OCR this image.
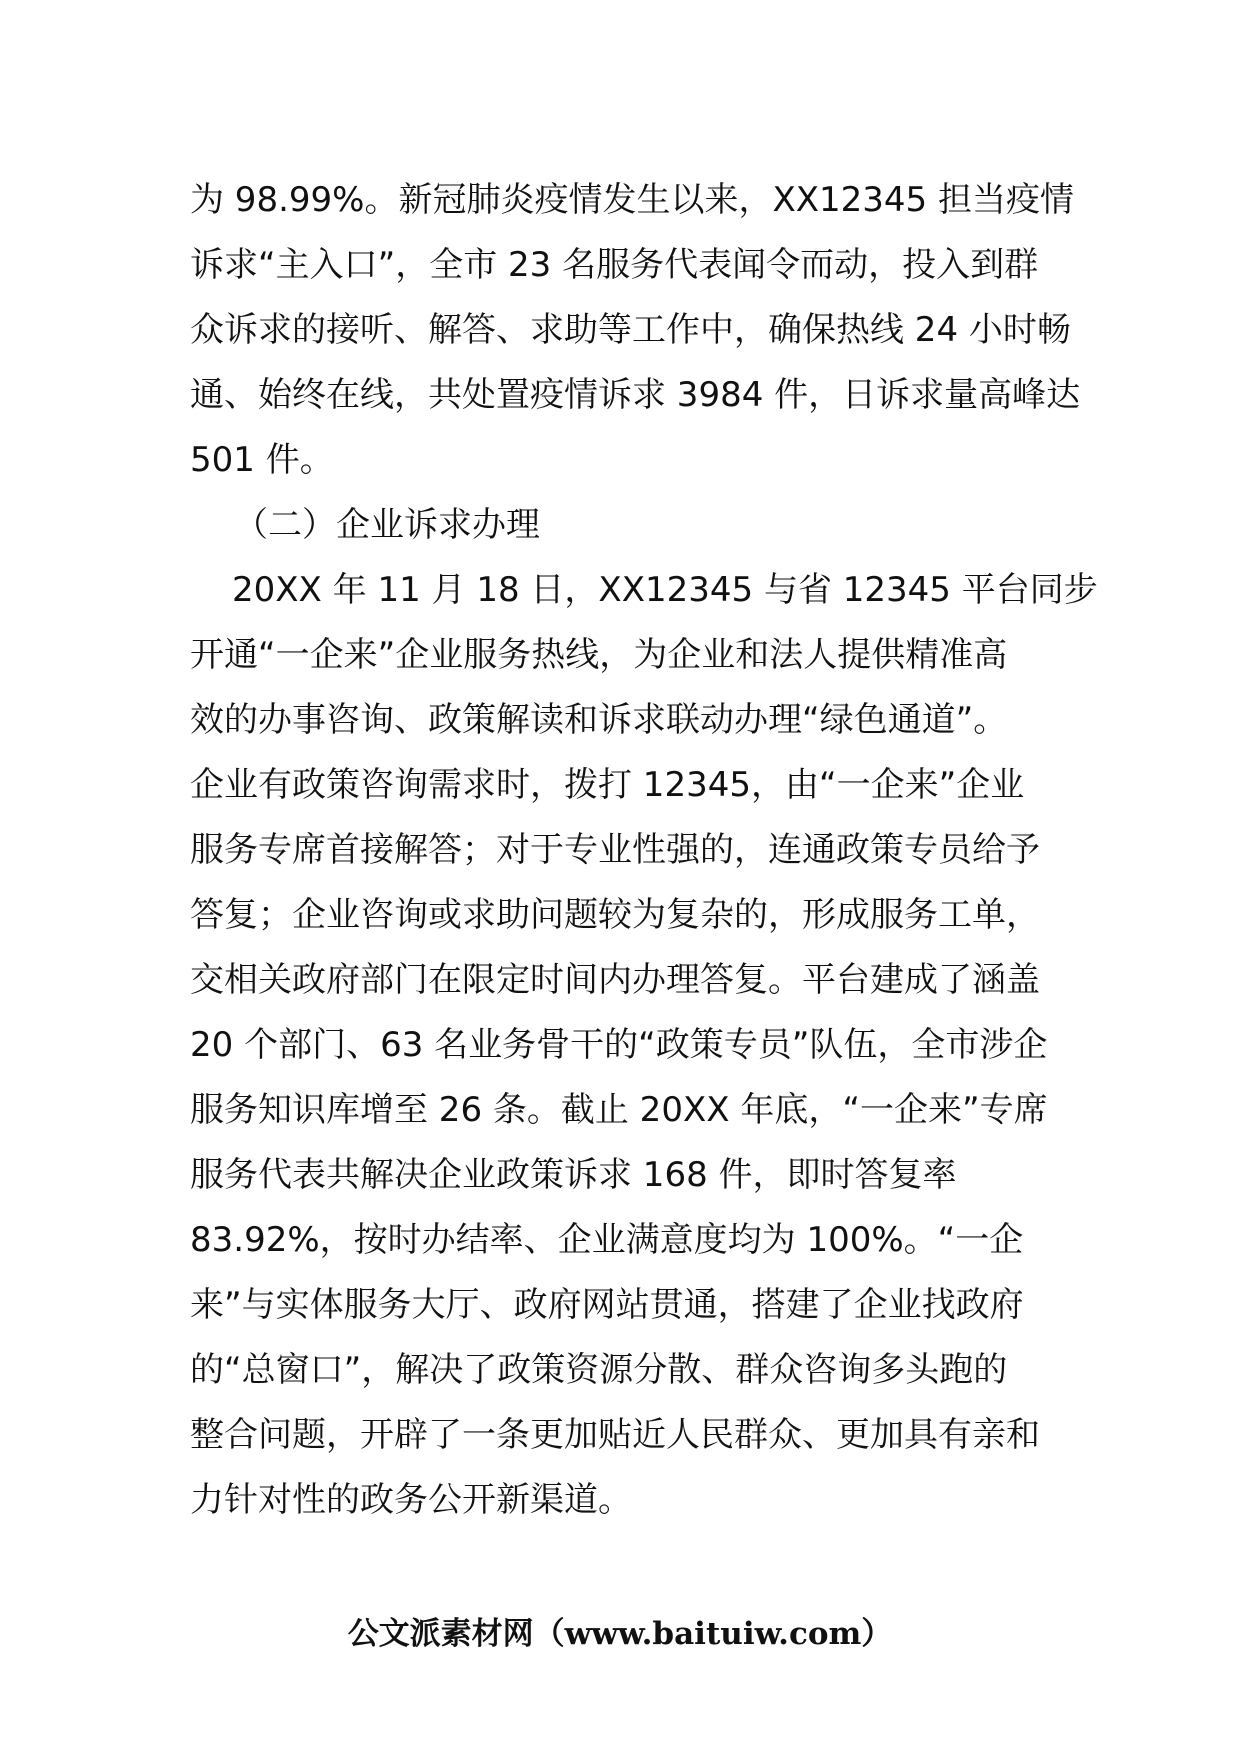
为 98.99%。新冠肺炎疫情发生以来，XX12345 担当疫情
诉求“主入口”，全市 23 名服务代表闻令而动，投入到群
众诉求的接听、解答、求助等工作中，确保热线 24 小时畅
通、始终在线，共处置疫情诉求 3984 件，日诉求量高峰达
501 件。
（二）企业诉求办理
20XX 年 11 月 18 日，XX12345 与省 12345 平台同步
开通“一企来”企业服务热线，为企业和法人提供精准高
效的办事咨询、政策解读和诉求联动办理“绿色通道”。
企业有政策咨询需求时，拨打 12345，由“一企来”企业
服务专席首接解答；对于专业性强的，连通政策专员给予
答复；企业咨询或求助问题较为复杂的，形成服务工单，
交相关政府部门在限定时间内办理答复。平台建成了涵盖
20 个部门、63 名业务骨干的“政策专员”队伍，全市涉企
服务知识库增至 26 条。截止 20XX 年底，“一企来”专席
服务代表共解决企业政策诉求 168 件，即时答复率
83.92%，按时办结率、企业满意度均为 100%。“一企
来”与实体服务大厅、政府网站贯通，搭建了企业找政府
的“总窗口”，解决了政策资源分散、群众咨询多头跑的
整合问题，开辟了一条更加贴近人民群众、更加具有亲和
力针对性的政务公开新渠道。
公文派素材网（www.baituiw.com）
